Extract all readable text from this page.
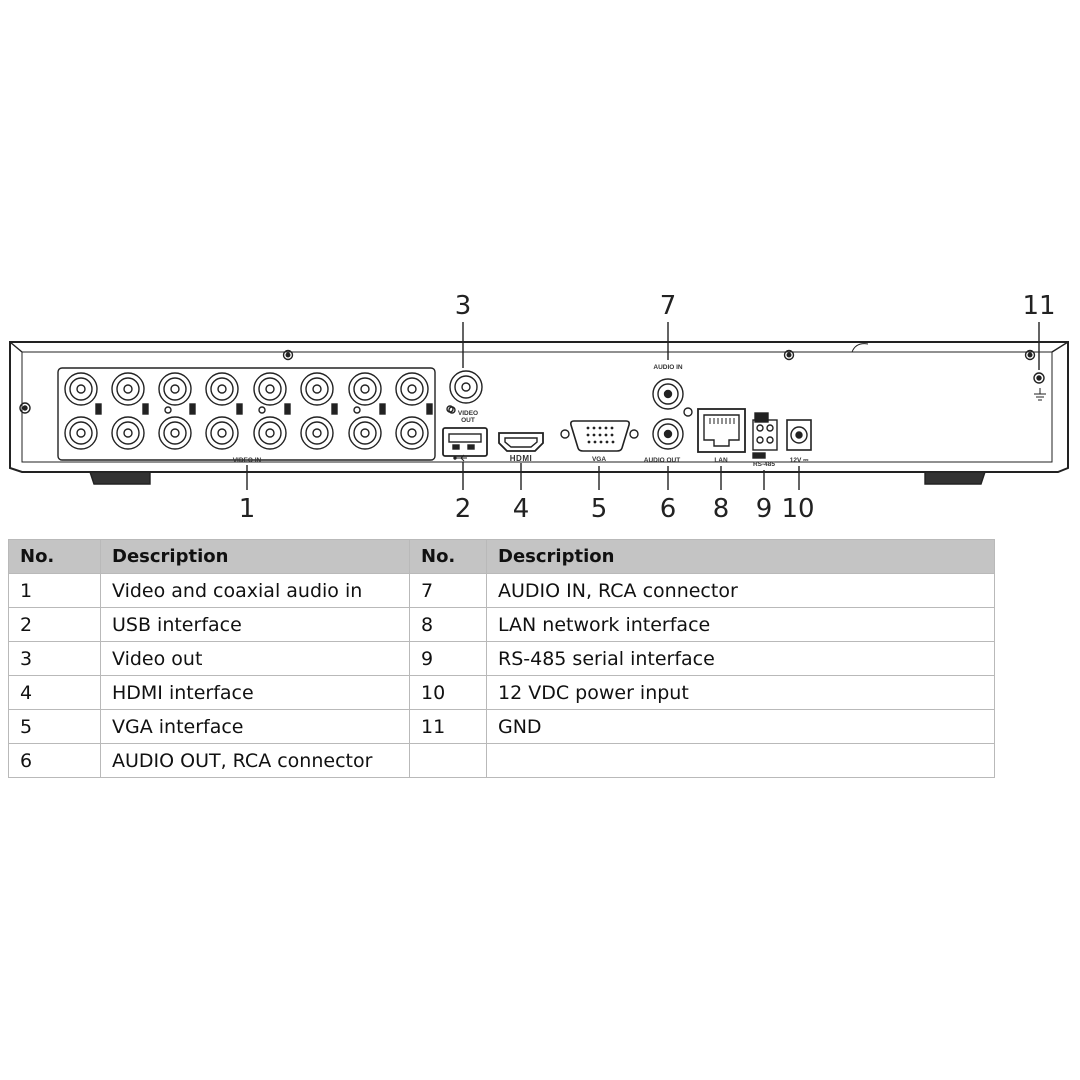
VIDEO IN
VIDEO
OUT
HDMI	VGA
AUDIO IN
AUDIO OUT	LAN
RS-485
12V ⎓
1	2
3
4 5 6
7
8 9 10
11
No.	Description	No.	Description
1	Video and coaxial audio in	7	AUDIO IN, RCA connector
2	USB interface	8	LAN network interface
3	Video out	9	RS-485 serial interface
4	HDMI interface	10	12 VDC power input
5	VGA interface	11	GND
6	AUDIO OUT, RCA connector		
